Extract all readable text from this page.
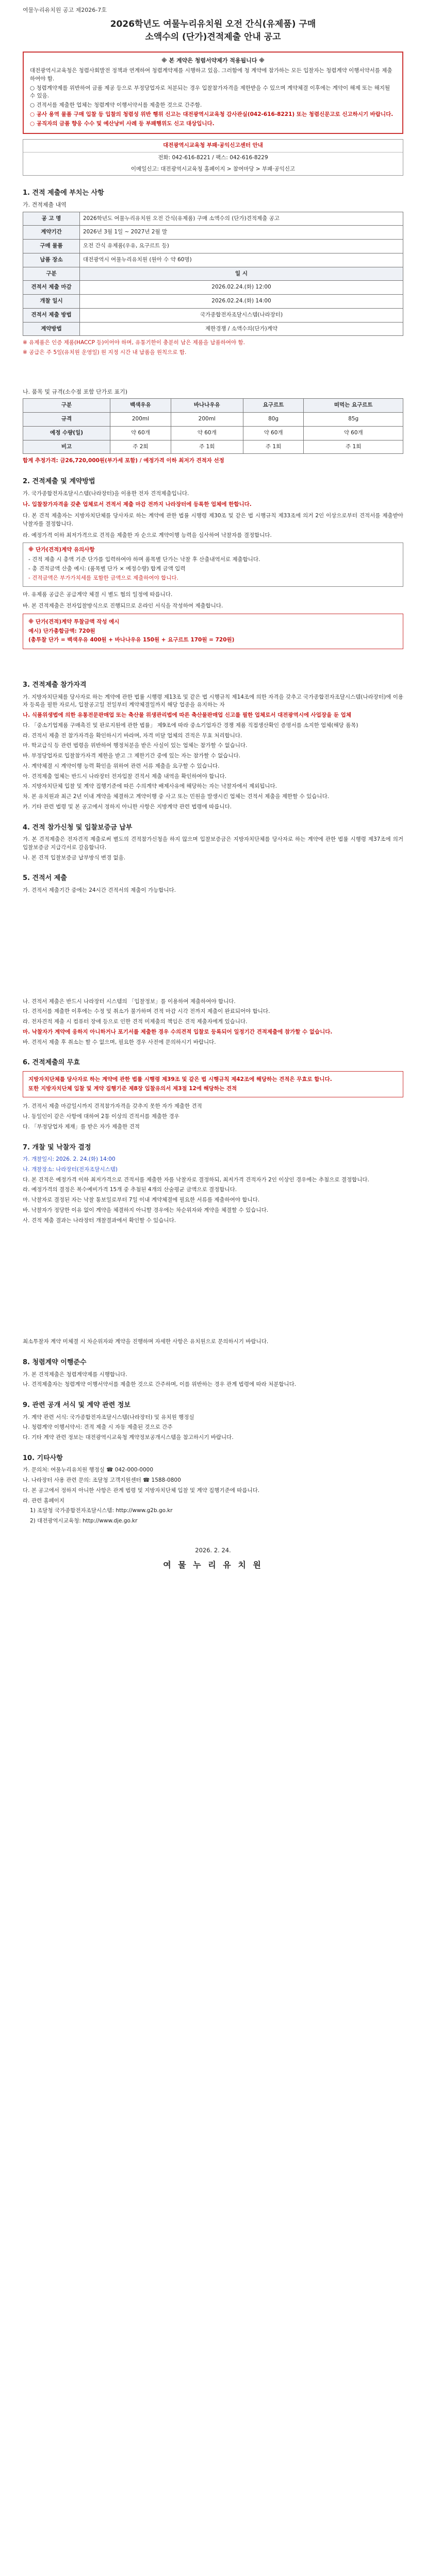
여물누리유치원 공고 제2026-7호
2026학년도 여물누리유치원 오전 간식(유제품) 구매
소액수의 (단가)견적제출 안내 공고
※ 본 계약은 청렴서약제가 적용됩니다 ※
대전광역시교육청은 청렴사회발전 정책과 연계하여 청렴계약제를 시행하고 있음. 그러함에 청 계약에 참가하는 모든 입찰자는 청렴계약 이행서약서를 제출하여야 함.
○ 청렴계약제를 위반하여 금품 제공 등으로 부정당업자로 처분되는 경우 입찰참가자격을 제한받을 수 있으며 계약체결 이후에는 계약이 해제 또는 해지될 수 있음.
○ 견적서를 제출한 업체는 청렴계약 이행서약서를 제출한 것으로 간주함.
○ 공사 용역 물품 구매 입찰 등 입찰의 청렴성 위반 행위 신고는 대전광역시교육청 감사관실(042-616-8221) 또는 청렴신문고로 신고하시기 바랍니다.
○ 공직자의 금품 향응 수수 및 예산낭비 사례 등 부패행위도 신고 대상입니다.
대전광역시교육청 부패·공익신고센터 안내
전화: 042-616-8221 / 팩스: 042-616-8229
이메일신고: 대전광역시교육청 홈페이지 > 참여마당 > 부패·공익신고
1. 견적 제출에 부치는 사항
가. 견적제출 내역
공 고 명	2026학년도 여물누리유치원 오전 간식(유제품) 구매 소액수의 (단가)견적제출 공고
계약기간	2026년 3월 1일 ~ 2027년 2월 말
구매 물품	오전 간식 유제품(우유, 요구르트 등)
납품 장소	대전광역시 여물누리유치원 (원아 수 약 60명)
구분	일 시
견적서 제출 마감	2026.02.24.(화) 12:00
개찰 일시	2026.02.24.(화) 14:00
견적서 제출 방법	국가종합전자조달시스템(나라장터)
계약방법	제한경쟁 / 소액수의(단가)계약
※ 유제품은 인증 제품(HACCP 등)이어야 하며, 유통기한이 충분히 남은 제품을 납품하여야 함.
※ 공급은 주 5일(유치원 운영일) 원 지정 시간 내 납품을 원칙으로 함.
나. 품목 및 규격(소수점 포함 단가로 표기)
구분	백색우유	바나나우유	요구르트	떠먹는 요구르트
규격	200ml	200ml	80g	85g
예정 수량(일)	약 60개	약 60개	약 60개	약 60개
비고	주 2회	주 1회	주 1회	주 1회
합계 추정가격: 금26,720,000원(부가세 포함) / 예정가격 이하 최저가 견적자 선정
2. 견적제출 및 계약방법
가. 국가종합전자조달시스템(나라장터)을 이용한 전자 견적제출입니다.
나. 입찰참가자격을 갖춘 업체로서 견적서 제출 마감 전까지 나라장터에 등록한 업체에 한합니다.
다. 본 견적 제출자는 지방자치단체를 당사자로 하는 계약에 관한 법률 시행령 제30조 및 같은 법 시행규칙 제33조에 의거 2인 이상으로부터 견적서를 제출받아 낙찰자를 결정합니다.
라. 예정가격 이하 최저가격으로 견적을 제출한 자 순으로 계약이행 능력을 심사하여 낙찰자를 결정합니다.
※ 단가(견적)계약 유의사항
- 견적 제출 시 총액 기준 단가를 입력하여야 하며 품목별 단가는 낙찰 후 산출내역서로 제출합니다.
- 총 견적금액 산출 예시: (품목별 단가 × 예정수량) 합계 금액 입력
- 견적금액은 부가가치세를 포함한 금액으로 제출하여야 합니다.
마. 유제품 공급은 공급계약 체결 시 별도 협의 일정에 따릅니다.
바. 본 견적제출은 전자입찰방식으로 진행되므로 온라인 서식을 작성하여 제출합니다.
※ 단가(견적)계약 투찰금액 작성 예시
예시) 단가총합금액: 720원
(총투찰 단가 = 백색우유 400원 + 바나나우유 150원 + 요구르트 170원 = 720원)
3. 견적제출 참가자격
가. 지방자치단체를 당사자로 하는 계약에 관한 법률 시행령 제13조 및 같은 법 시행규칙 제14조에 의한 자격을 갖추고 국가종합전자조달시스템(나라장터)에 이용자 등록을 필한 자로서, 입찰공고일 전일부터 계약체결일까지 해당 업종을 유지하는 자
나. 식품위생법에 의한 유통전문판매업 또는 축산물 위생관리법에 따른 축산물판매업 신고를 필한 업체로서 대전광역시에 사업장을 둔 업체
다. 「중소기업제품 구매촉진 및 판로지원에 관한 법률」 제9조에 따라 중소기업자간 경쟁 제품 직접생산확인 증명서를 소지한 업체(해당 품목)
라. 견적서 제출 전 참가자격을 확인하시기 바라며, 자격 미달 업체의 견적은 무효 처리합니다.
마. 학교급식 등 관련 법령을 위반하여 행정처분을 받은 사실이 있는 업체는 참가할 수 없습니다.
바. 부정당업자로 입찰참가자격 제한을 받고 그 제한기간 중에 있는 자는 참가할 수 없습니다.
사. 계약체결 시 계약이행 능력 확인을 위하여 관련 서류 제출을 요구할 수 있습니다.
아. 견적제출 업체는 반드시 나라장터 전자입찰 견적서 제출 내역을 확인하여야 합니다.
자. 지방자치단체 입찰 및 계약 집행기준에 따른 수의계약 배제사유에 해당하는 자는 낙찰자에서 제외됩니다.
차. 본 유치원과 최근 2년 이내 계약을 체결하고 계약이행 중 사고 또는 민원을 발생시킨 업체는 견적서 제출을 제한할 수 있습니다.
카. 기타 관련 법령 및 본 공고에서 정하지 아니한 사항은 지방계약 관련 법령에 따릅니다.
4. 견적 참가신청 및 입찰보증금 납부
가. 본 견적제출은 전자견적 제출로써 별도의 견적참가신청을 하지 않으며 입찰보증금은 지방자치단체를 당사자로 하는 계약에 관한 법률 시행령 제37조에 의거 입찰보증금 지급각서로 갈음합니다.
나. 본 견적 입찰보증금 납부방식 변경 없음.
5. 견적서 제출
가. 견적서 제출기간 중에는 24시간 견적서의 제출이 가능합니다.
나. 견적서 제출은 반드시 나라장터 시스템의 「입찰정보」를 이용하여 제출하여야 합니다.
다. 견적서를 제출한 이후에는 수정 및 취소가 불가하며 견적 마감 시각 전까지 제출이 완료되어야 합니다.
라. 전자견적 제출 시 컴퓨터 장애 등으로 인한 견적 미제출의 책임은 견적 제출자에게 있습니다.
마. 낙찰자가 계약에 응하지 아니하거나 포기서를 제출한 경우 수의견적 입찰로 등록되어 일정기간 견적제출에 참가할 수 없습니다.
바. 견적서 제출 후 취소는 할 수 없으며, 필요한 경우 사전에 문의하시기 바랍니다.
6. 견적제출의 무효
지방자치단체를 당사자로 하는 계약에 관한 법률 시행령 제39조 및 같은 법 시행규칙 제42조에 해당하는 견적은 무효로 합니다.
또한 지방자치단체 입찰 및 계약 집행기준 제8장 입찰유의서 제3절 12에 해당하는 견적
가. 견적서 제출 마감일시까지 견적참가자격을 갖추지 못한 자가 제출한 견적
나. 동일인이 같은 사항에 대하여 2통 이상의 견적서를 제출한 경우
다. 「부정당업자 제재」를 받은 자가 제출한 견적
7. 개찰 및 낙찰자 결정
가. 개찰일시: 2026. 2. 24.(화) 14:00
나. 개찰장소: 나라장터(전자조달시스템)
다. 본 견적은 예정가격 이하 최저가격으로 견적서를 제출한 자를 낙찰자로 결정하되, 최저가격 견적자가 2인 이상인 경우에는 추첨으로 결정합니다.
라. 예정가격의 결정은 복수예비가격 15개 중 추첨된 4개의 산술평균 금액으로 결정합니다.
마. 낙찰자로 결정된 자는 낙찰 통보일로부터 7일 이내 계약체결에 필요한 서류를 제출하여야 합니다.
바. 낙찰자가 정당한 이유 없이 계약을 체결하지 아니할 경우에는 차순위자와 계약을 체결할 수 있습니다.
사. 견적 제출 결과는 나라장터 개찰결과에서 확인할 수 있습니다.
최소투찰자 계약 미체결 시 차순위자와 계약을 진행하며 자세한 사항은 유치원으로 문의하시기 바랍니다.
8. 청렴계약 이행준수
가. 본 견적제출은 청렴계약제를 시행합니다.
나. 견적제출자는 청렴계약 이행서약서를 제출한 것으로 간주하며, 이를 위반하는 경우 관계 법령에 따라 처분합니다.
9. 관련 공개 서식 및 계약 관련 정보
가. 계약 관련 서식: 국가종합전자조달시스템(나라장터) 및 유치원 행정실
나. 청렴계약 이행서약서: 견적 제출 시 자동 제출된 것으로 간주
다. 기타 계약 관련 정보는 대전광역시교육청 계약정보공개시스템을 참고하시기 바랍니다.
10. 기타사항
가. 문의처: 여물누리유치원 행정실 ☎ 042-000-0000
나. 나라장터 사용 관련 문의: 조달청 고객지원센터 ☎ 1588-0800
다. 본 공고에서 정하지 아니한 사항은 관계 법령 및 지방자치단체 입찰 및 계약 집행기준에 따릅니다.
라. 관련 홈페이지
1) 조달청 국가종합전자조달시스템: http://www.g2b.go.kr
2) 대전광역시교육청: http://www.dje.go.kr
2026. 2. 24.
여 물 누 리 유 치 원
